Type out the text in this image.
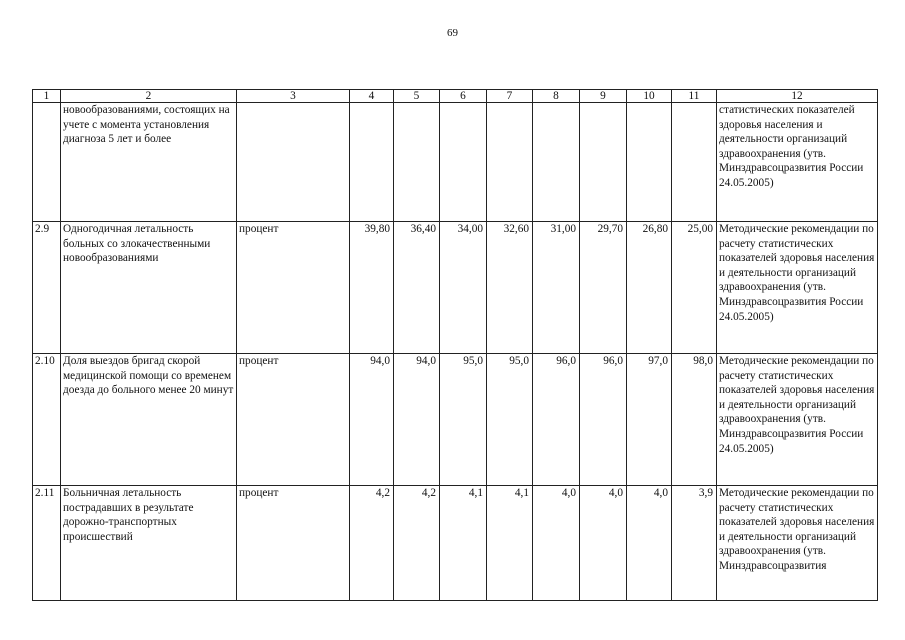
69
1	2	3	4	5	6	7	8	9	10	11	12
	новообразованиями, состоящих на учете с момента установления диагноза 5 лет и более										статистических показателей здоровья населения и деятельности организаций здравоохранения (утв. Минздравсоцразвития России 24.05.2005)
2.9	Одногодичная летальность больных со злокачественными новообразованиями	процент	39,80	36,40	34,00	32,60	31,00	29,70	26,80	25,00	Методические рекомендации по расчету статистических показателей здоровья населения и деятельности организаций здравоохранения (утв. Минздравсоцразвития России 24.05.2005)
2.10	Доля выездов бригад скорой медицинской помощи со временем доезда до больного менее 20 минут	процент	94,0	94,0	95,0	95,0	96,0	96,0	97,0	98,0	Методические рекомендации по расчету статистических показателей здоровья населения и деятельности организаций здравоохранения (утв. Минздравсоцразвития России 24.05.2005)
2.11	Больничная летальность пострадавших в результате дорожно-транспортных происшествий	процент	4,2	4,2	4,1	4,1	4,0	4,0	4,0	3,9	Методические рекомендации по расчету статистических показателей здоровья населения и деятельности организаций здравоохранения (утв. Минздравсоцразвития
